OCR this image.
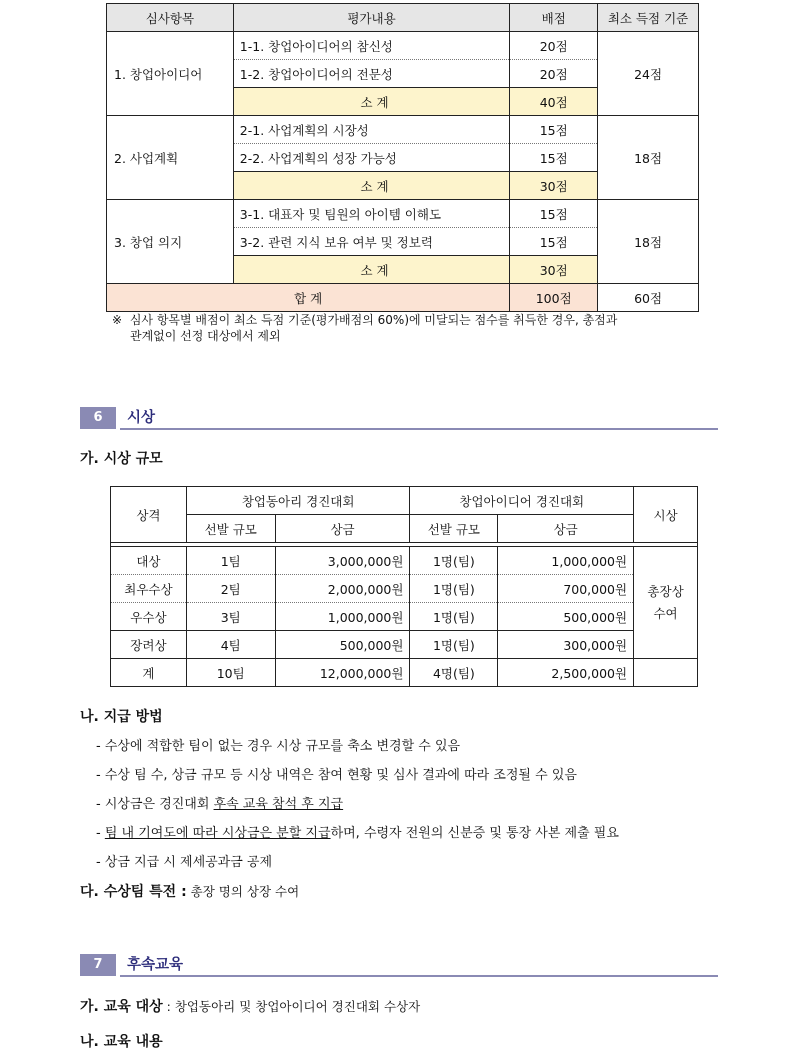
심사항목	평가내용	배점	최소 득점 기준
1. 창업아이디어	1-1. 창업아이디어의 참신성	20점	24점
	1-2. 창업아이디어의 전문성	20점	
	소 계	40점	
2. 사업계획	2-1. 사업계획의 시장성	15점	18점
	2-2. 사업계획의 성장 가능성	15점	
	소 계	30점	
3. 창업 의지	3-1. 대표자 및 팀원의 아이템 이해도	15점	18점
	3-2. 관련 지식 보유 여부 및 정보력	15점	
	소 계	30점	
합 계		100점	60점
※ 심사 항목별 배점이 최소 득점 기준(평가배점의 60%)에 미달되는 점수를 취득한 경우, 총점과
관계없이 선정 대상에서 제외
6	시상
가. 시상 규모
상격	창업동아리 경진대회		창업아이디어 경진대회		시상
	선발 규모	상금	선발 규모	상금	

대상	1팀	3,000,000원	1명(팀)	1,000,000원	총장상
수여

최우수상	2팀	2,000,000원	1명(팀)	700,000원	
우수상	3팀	1,000,000원	1명(팀)	500,000원	
장려상	4팀	500,000원	1명(팀)	300,000원	
계	10팀	12,000,000원	4명(팀)	2,500,000원	
나. 지급 방법
- 수상에 적합한 팀이 없는 경우 시상 규모를 축소 변경할 수 있음
- 수상 팀 수, 상금 규모 등 시상 내역은 참여 현황 및 심사 결과에 따라 조정될 수 있음
- 시상금은 경진대회 후속 교육 참석 후 지급
- 팀 내 기여도에 따라 시상금은 분할 지급하며, 수령자 전원의 신분증 및 통장 사본 제출 필요
- 상금 지급 시 제세공과금 공제
다. 수상팀 특전 : 총장 명의 상장 수여
7	후속교육
가. 교육 대상 : 창업동아리 및 창업아이디어 경진대회 수상자
나. 교육 내용
